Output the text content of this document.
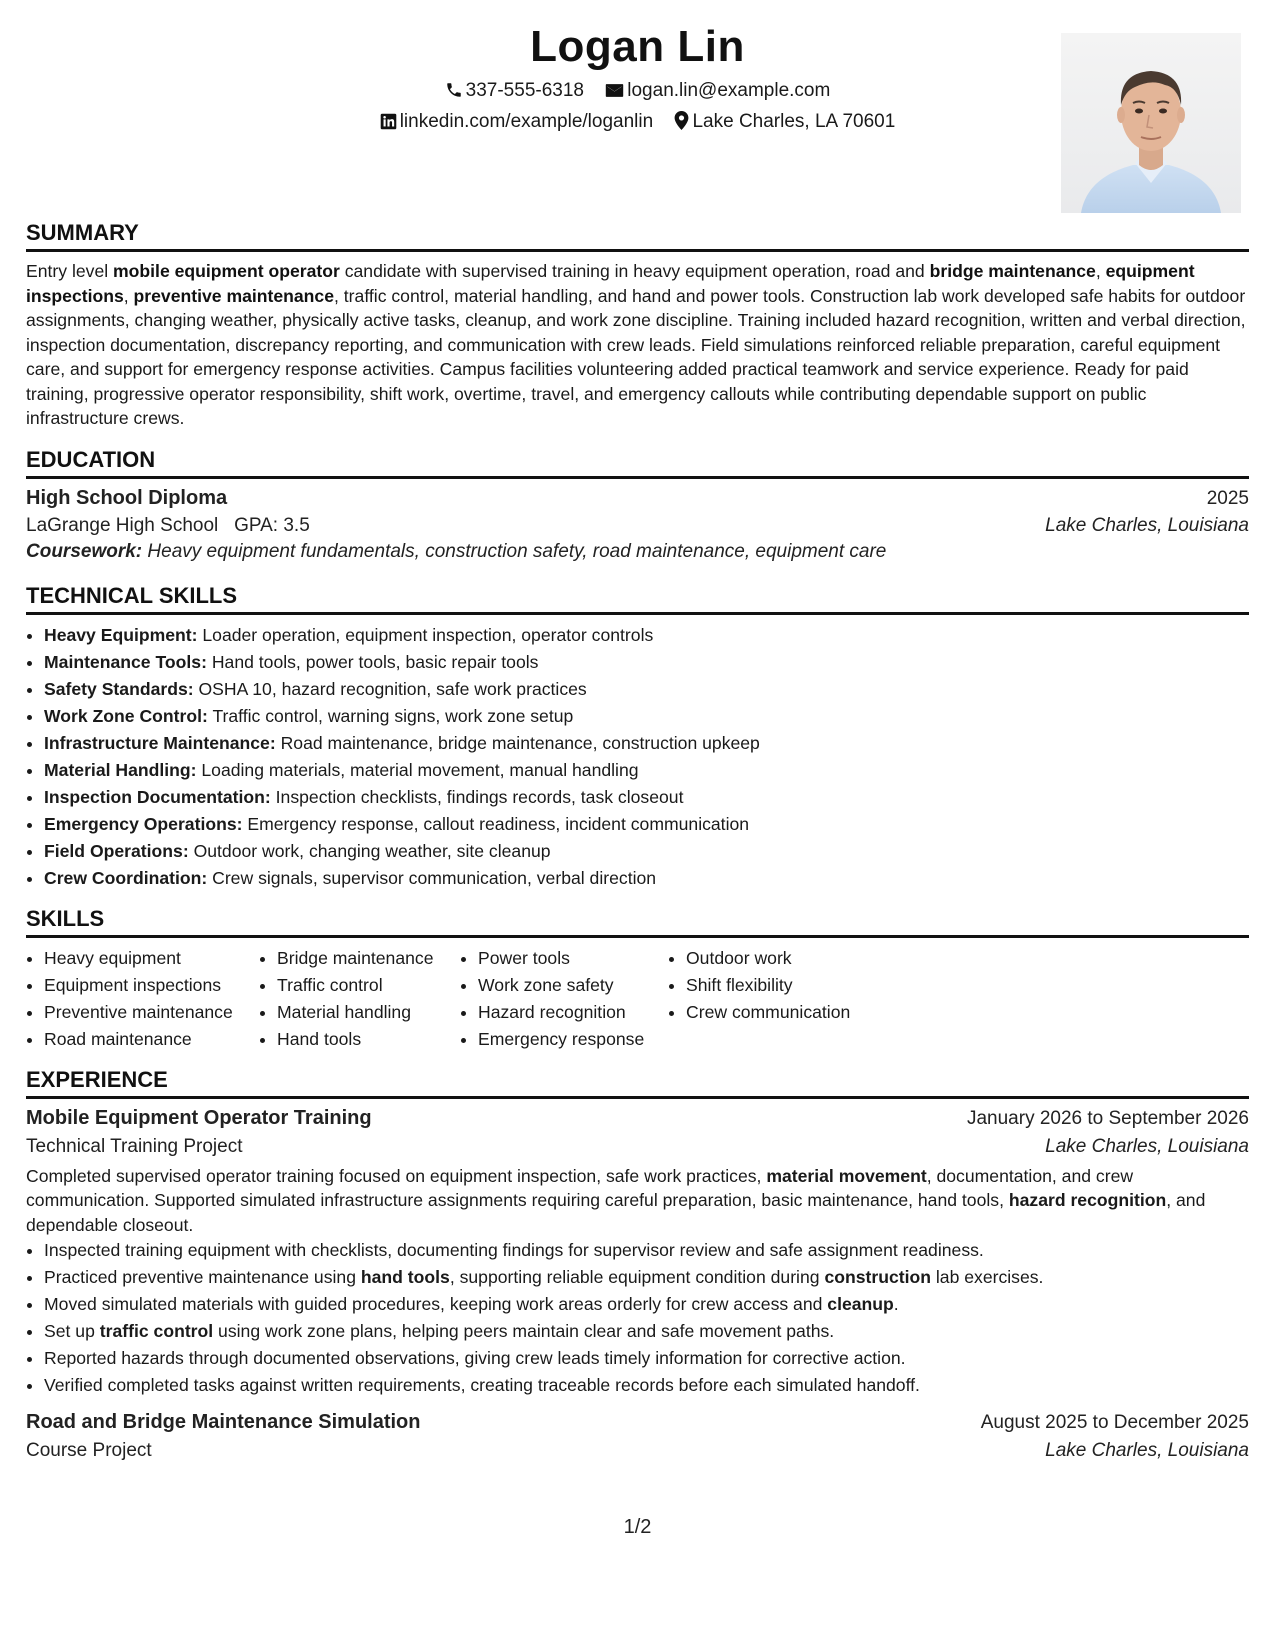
Logan Lin
337-555-6318 logan.lin@example.com
linkedin.com/example/loganlin Lake Charles, LA 70601
SUMMARY
Entry level mobile equipment operator candidate with supervised training in heavy equipment operation, road and bridge maintenance, equipment inspections, preventive maintenance, traffic control, material handling, and hand and power tools. Construction lab work developed safe habits for outdoor assignments, changing weather, physically active tasks, cleanup, and work zone discipline. Training included hazard recognition, written and verbal direction, inspection documentation, discrepancy reporting, and communication with crew leads. Field simulations reinforced reliable preparation, careful equipment care, and support for emergency response activities. Campus facilities volunteering added practical teamwork and service experience. Ready for paid training, progressive operator responsibility, shift work, overtime, travel, and emergency callouts while contributing dependable support on public infrastructure crews.
EDUCATION
High School Diploma	2025
LaGrange High School GPA: 3.5	Lake Charles, Louisiana
Coursework: Heavy equipment fundamentals, construction safety, road maintenance, equipment care
TECHNICAL SKILLS
• Heavy Equipment: Loader operation, equipment inspection, operator controls
• Maintenance Tools: Hand tools, power tools, basic repair tools
• Safety Standards: OSHA 10, hazard recognition, safe work practices
• Work Zone Control: Traffic control, warning signs, work zone setup
• Infrastructure Maintenance: Road maintenance, bridge maintenance, construction upkeep
• Material Handling: Loading materials, material movement, manual handling
• Inspection Documentation: Inspection checklists, findings records, task closeout
• Emergency Operations: Emergency response, callout readiness, incident communication
• Field Operations: Outdoor work, changing weather, site cleanup
• Crew Coordination: Crew signals, supervisor communication, verbal direction
SKILLS
• Heavy equipment
• Equipment inspections
• Preventive maintenance
• Road maintenance
• Bridge maintenance
• Traffic control
• Material handling
• Hand tools
• Power tools
• Work zone safety
• Hazard recognition
• Emergency response
• Outdoor work
• Shift flexibility
• Crew communication
EXPERIENCE
Mobile Equipment Operator Training	January 2026 to September 2026
Technical Training Project	Lake Charles, Louisiana
Completed supervised operator training focused on equipment inspection, safe work practices, material movement, documentation, and crew communication. Supported simulated infrastructure assignments requiring careful preparation, basic maintenance, hand tools, hazard recognition, and dependable closeout.
• Inspected training equipment with checklists, documenting findings for supervisor review and safe assignment readiness.
• Practiced preventive maintenance using hand tools, supporting reliable equipment condition during construction lab exercises.
• Moved simulated materials with guided procedures, keeping work areas orderly for crew access and cleanup.
• Set up traffic control using work zone plans, helping peers maintain clear and safe movement paths.
• Reported hazards through documented observations, giving crew leads timely information for corrective action.
• Verified completed tasks against written requirements, creating traceable records before each simulated handoff.
Road and Bridge Maintenance Simulation	August 2025 to December 2025
Course Project	Lake Charles, Louisiana
1/2
